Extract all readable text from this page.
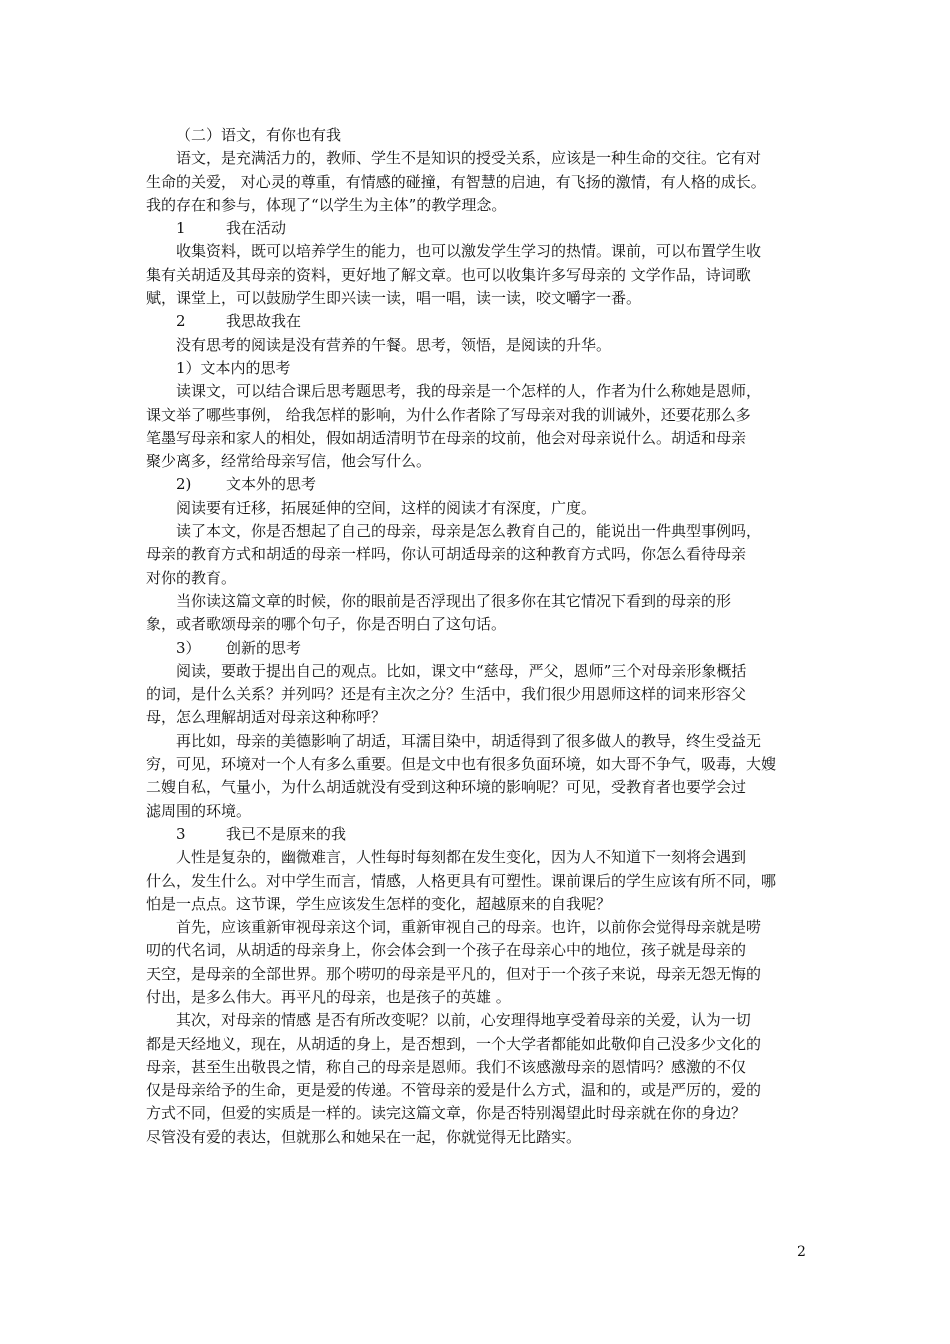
（二）语文，有你也有我

语文，是充满活力的，教师、学生不是知识的授受关系，应该是一种生命的交往。它有对

生命的关爱， 对心灵的尊重，有情感的碰撞，有智慧的启迪，有飞扬的激情，有人格的成长。

我的存在和参与，体现了“以学生为主体”的教学理念。

1	我在活动

收集资料，既可以培养学生的能力，也可以激发学生学习的热情。课前，可以布置学生收

集有关胡适及其母亲的资料，更好地了解文章。也可以收集许多写母亲的 文学作品，诗词歌

赋，课堂上，可以鼓励学生即兴读一读，唱一唱，读一读，咬文嚼字一番。

2	我思故我在

没有思考的阅读是没有营养的午餐。思考，领悟，是阅读的升华。

1）文本内的思考

读课文，可以结合课后思考题思考，我的母亲是一个怎样的人，作者为什么称她是恩师，

课文举了哪些事例， 给我怎样的影响，为什么作者除了写母亲对我的训诫外，还要花那么多

笔墨写母亲和家人的相处，假如胡适清明节在母亲的坟前，他会对母亲说什么。胡适和母亲

聚少离多，经常给母亲写信，他会写什么。

2) 文本外的思考

阅读要有迁移，拓展延伸的空间，这样的阅读才有深度，广度。

读了本文，你是否想起了自己的母亲，母亲是怎么教育自己的，能说出一件典型事例吗，

母亲的教育方式和胡适的母亲一样吗，你认可胡适母亲的这种教育方式吗，你怎么看待母亲

对你的教育。

当你读这篇文章的时候，你的眼前是否浮现出了很多你在其它情况下看到的母亲的形

象，或者歌颂母亲的哪个句子，你是否明白了这句话。

3） 创新的思考

阅读，要敢于提出自己的观点。比如，课文中“慈母，严父，恩师”三个对母亲形象概括

的词，是什么关系？并列吗？还是有主次之分？生活中，我们很少用恩师这样的词来形容父

母，怎么理解胡适对母亲这种称呼？

再比如，母亲的美德影响了胡适，耳濡目染中，胡适得到了很多做人的教导，终生受益无

穷，可见，环境对一个人有多么重要。但是文中也有很多负面环境，如大哥不争气，吸毒，大嫂

二嫂自私，气量小，为什么胡适就没有受到这种环境的影响呢？可见，受教育者也要学会过

滤周围的环境。

3	我已不是原来的我

人性是复杂的，幽微难言，人性每时每刻都在发生变化，因为人不知道下一刻将会遇到

什么，发生什么。对中学生而言，情感，人格更具有可塑性。课前课后的学生应该有所不同，哪

怕是一点点。这节课，学生应该发生怎样的变化，超越原来的自我呢？

首先，应该重新审视母亲这个词，重新审视自己的母亲。也许，以前你会觉得母亲就是唠

叨的代名词，从胡适的母亲身上，你会体会到一个孩子在母亲心中的地位，孩子就是母亲的

天空，是母亲的全部世界。那个唠叨的母亲是平凡的，但对于一个孩子来说，母亲无怨无悔的

付出，是多么伟大。再平凡的母亲，也是孩子的英雄 。

其次，对母亲的情感 是否有所改变呢？以前，心安理得地享受着母亲的关爱，认为一切

都是天经地义，现在，从胡适的身上，是否想到，一个大学者都能如此敬仰自己没多少文化的

母亲，甚至生出敬畏之情，称自己的母亲是恩师。我们不该感激母亲的恩情吗？感激的不仅

仅是母亲给予的生命，更是爱的传递。不管母亲的爱是什么方式，温和的，或是严厉的，爱的

方式不同，但爱的实质是一样的。读完这篇文章，你是否特别渴望此时母亲就在你的身边？

尽管没有爱的表达，但就那么和她呆在一起，你就觉得无比踏实。

2
